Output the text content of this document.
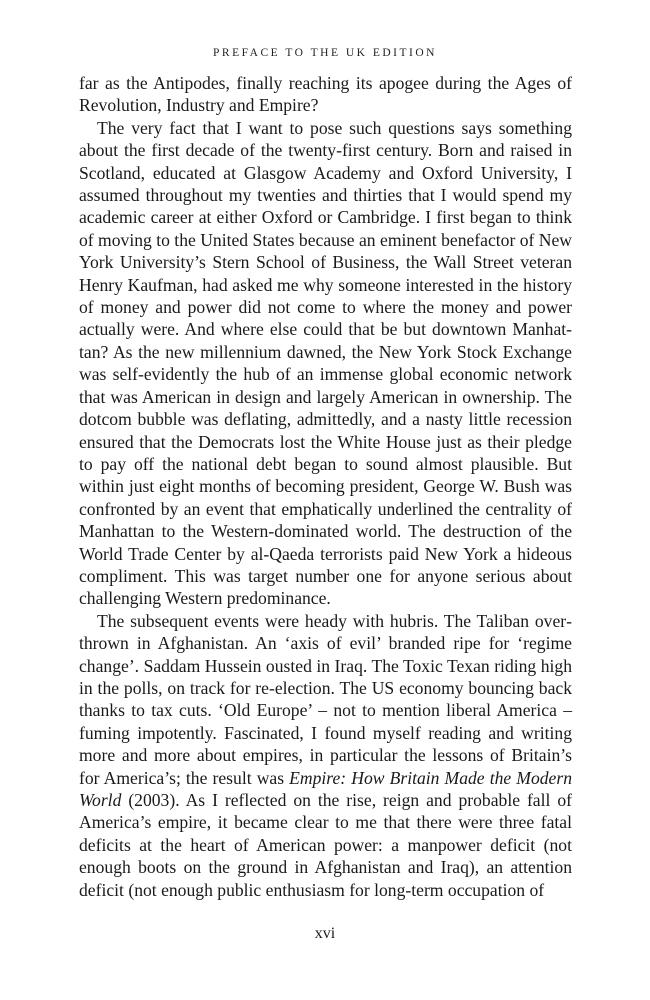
PREFACE TO THE UK EDITION

far as the Antipodes, finally reaching its apogee during the Ages of Revolution, Industry and Empire?

The very fact that I want to pose such questions says something about the first decade of the twenty-first century. Born and raised in Scotland, educated at Glasgow Academy and Oxford University, I assumed throughout my twenties and thirties that I would spend my academic career at either Oxford or Cambridge. I first began to think of moving to the United States because an eminent benefactor of New York University’s Stern School of Business, the Wall Street veteran Henry Kaufman, had asked me why someone interested in the history of money and power did not come to where the money and power actually were. And where else could that be but downtown Manhattan? As the new millennium dawned, the New York Stock Exchange was self-evidently the hub of an immense global economic network that was American in design and largely American in ownership. The dotcom bubble was deflating, admittedly, and a nasty little recession ensured that the Democrats lost the White House just as their pledge to pay off the national debt began to sound almost plausible. But within just eight months of becoming president, George W. Bush was confronted by an event that emphatically underlined the centrality of Manhattan to the Western-dominated world. The destruction of the World Trade Center by al-Qaeda terrorists paid New York a hideous compliment. This was target number one for anyone serious about challenging Western predominance.

The subsequent events were heady with hubris. The Taliban overthrown in Afghanistan. An ‘axis of evil’ branded ripe for ‘regime change’. Saddam Hussein ousted in Iraq. The Toxic Texan riding high in the polls, on track for re-election. The US economy bouncing back thanks to tax cuts. ‘Old Europe’ – not to mention liberal America – fuming impotently. Fascinated, I found myself reading and writing more and more about empires, in particular the lessons of Britain’s for America’s; the result was Empire: How Britain Made the Modern World (2003). As I reflected on the rise, reign and probable fall of America’s empire, it became clear to me that there were three fatal deficits at the heart of American power: a manpower deficit (not enough boots on the ground in Afghanistan and Iraq), an attention deficit (not enough public enthusiasm for long-term occupation of

xvi
